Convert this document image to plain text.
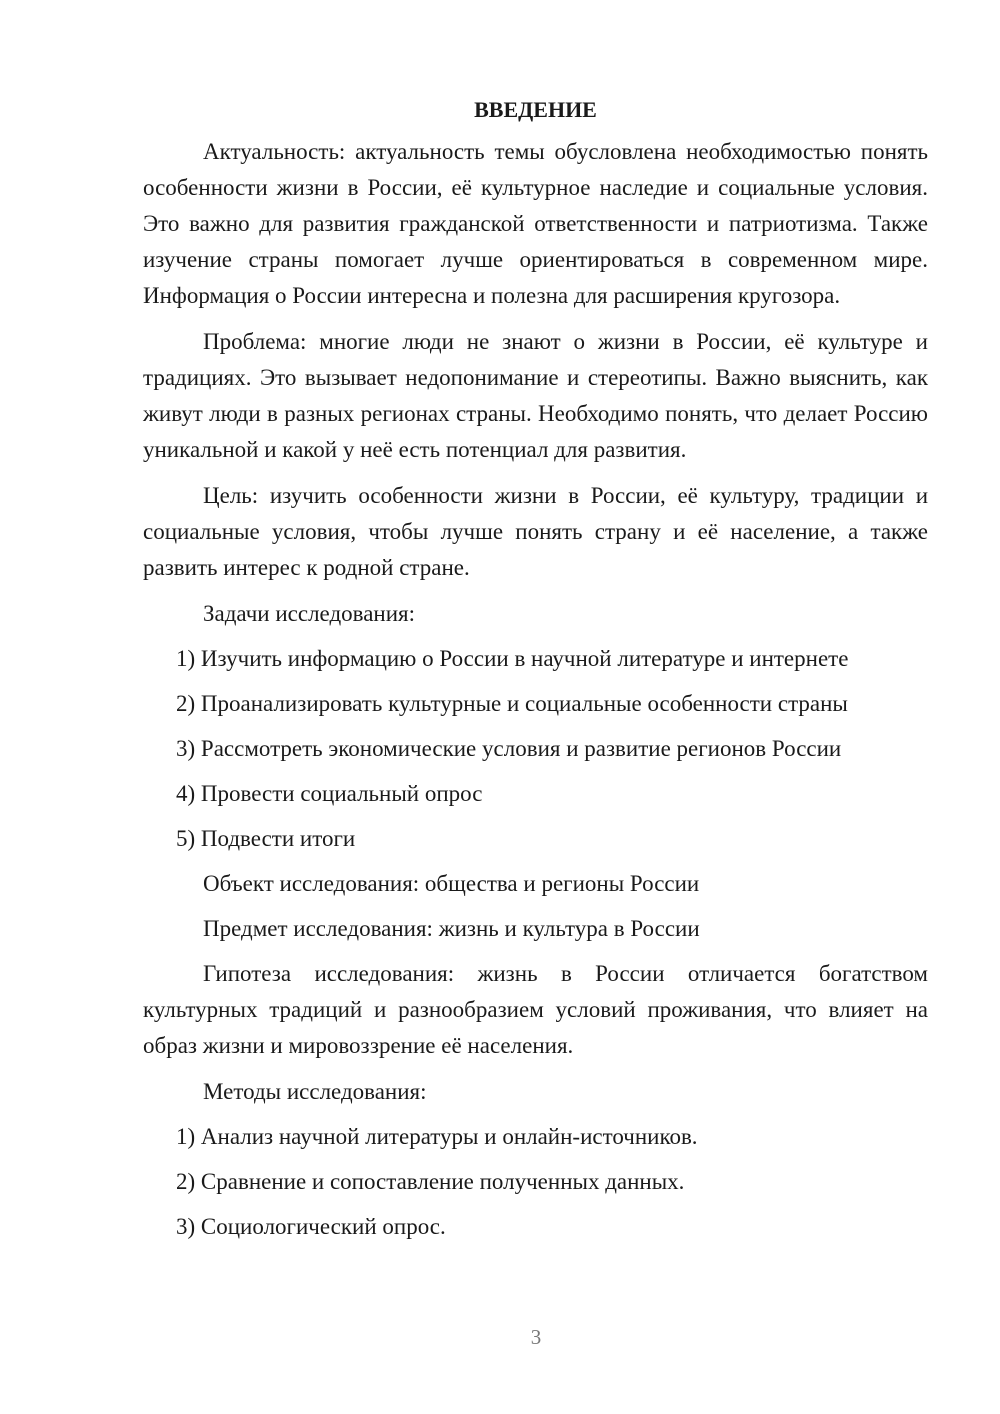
ВВЕДЕНИЕ

Актуальность: актуальность темы обусловлена необходимостью понять особенности жизни в России, её культурное наследие и социальные условия. Это важно для развития гражданской ответственности и патриотизма. Также изучение страны помогает лучше ориентироваться в современном мире. Информация о России интересна и полезна для расширения кругозора.

Проблема: многие люди не знают о жизни в России, её культуре и традициях. Это вызывает недопонимание и стереотипы. Важно выяснить, как живут люди в разных регионах страны. Необходимо понять, что делает Россию уникальной и какой у неё есть потенциал для развития.

Цель: изучить особенности жизни в России, её культуру, традиции и социальные условия, чтобы лучше понять страну и её население, а также развить интерес к родной стране.

Задачи исследования:

1) Изучить информацию о России в научной литературе и интернете
2) Проанализировать культурные и социальные особенности страны
3) Рассмотреть экономические условия и развитие регионов России
4) Провести социальный опрос
5) Подвести итоги

Объект исследования: общества и регионы России

Предмет исследования: жизнь и культура в России

Гипотеза исследования: жизнь в России отличается богатством культурных традиций и разнообразием условий проживания, что влияет на образ жизни и мировоззрение её населения.

Методы исследования:

1) Анализ научной литературы и онлайн-источников.
2) Сравнение и сопоставление полученных данных.
3) Социологический опрос.
3
